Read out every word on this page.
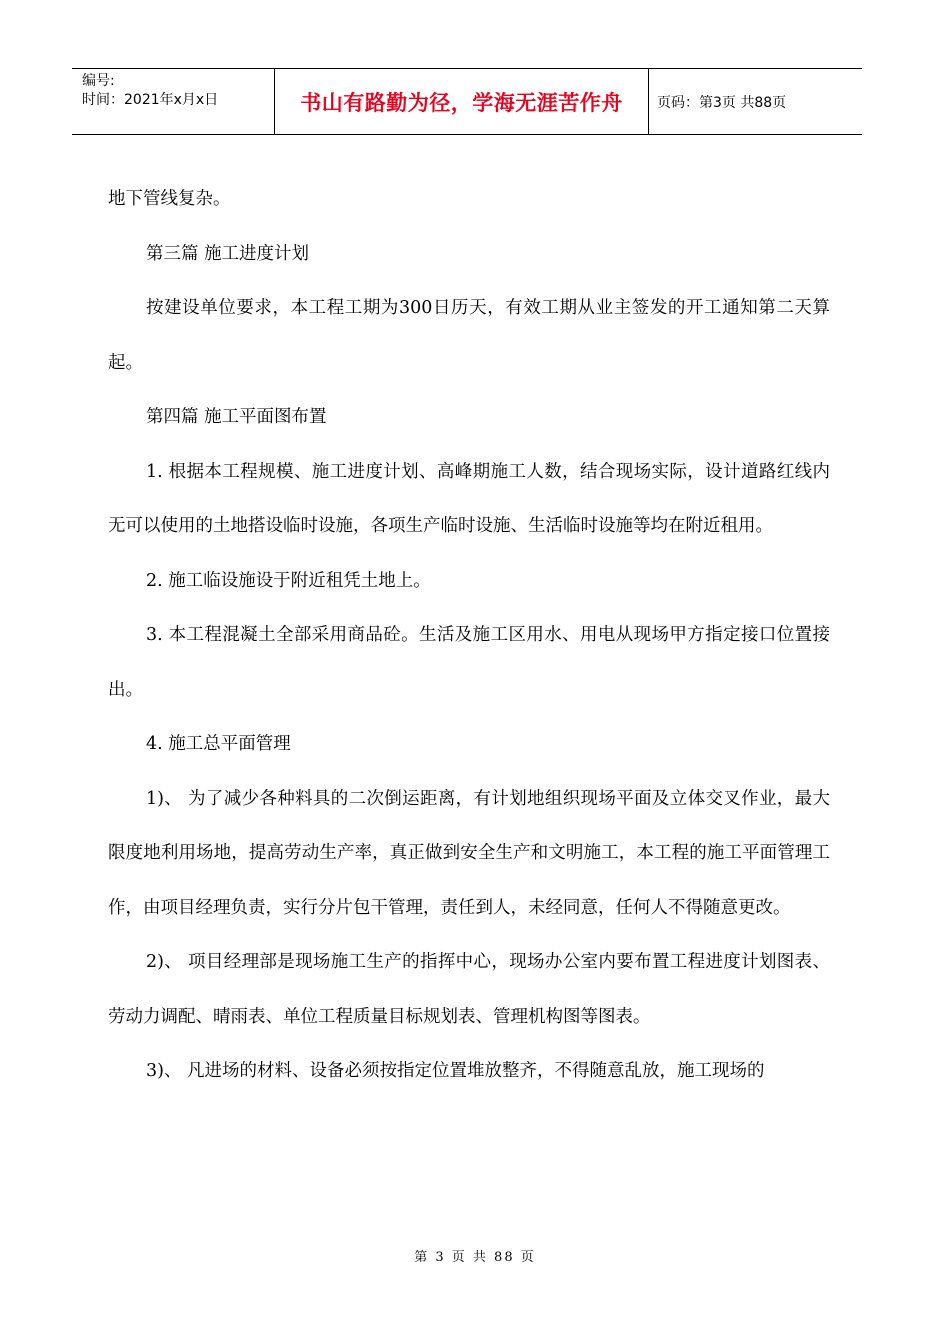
编号:
时间：2021年x月x日	书山有路勤为径，学海无涯苦作舟	页码：第3页 共88页

地下管线复杂。

第三篇 施工进度计划

按建设单位要求，本工程工期为300日历天，有效工期从业主签发的开工通知第二天算起。

第四篇 施工平面图布置

1. 根据本工程规模、施工进度计划、高峰期施工人数，结合现场实际，设计道路红线内无可以使用的土地搭设临时设施，各项生产临时设施、生活临时设施等均在附近租用。

2. 施工临设施设于附近租凭土地上。

3. 本工程混凝土全部采用商品砼。生活及施工区用水、用电从现场甲方指定接口位置接出。

4. 施工总平面管理

1)、 为了减少各种料具的二次倒运距离，有计划地组织现场平面及立体交叉作业，最大限度地利用场地，提高劳动生产率，真正做到安全生产和文明施工，本工程的施工平面管理工作，由项目经理负责，实行分片包干管理，责任到人，未经同意，任何人不得随意更改。

2)、 项目经理部是现场施工生产的指挥中心，现场办公室内要布置工程进度计划图表、劳动力调配、晴雨表、单位工程质量目标规划表、管理机构图等图表。

3)、 凡进场的材料、设备必须按指定位置堆放整齐，不得随意乱放，施工现场的

第 3 页 共 88 页
